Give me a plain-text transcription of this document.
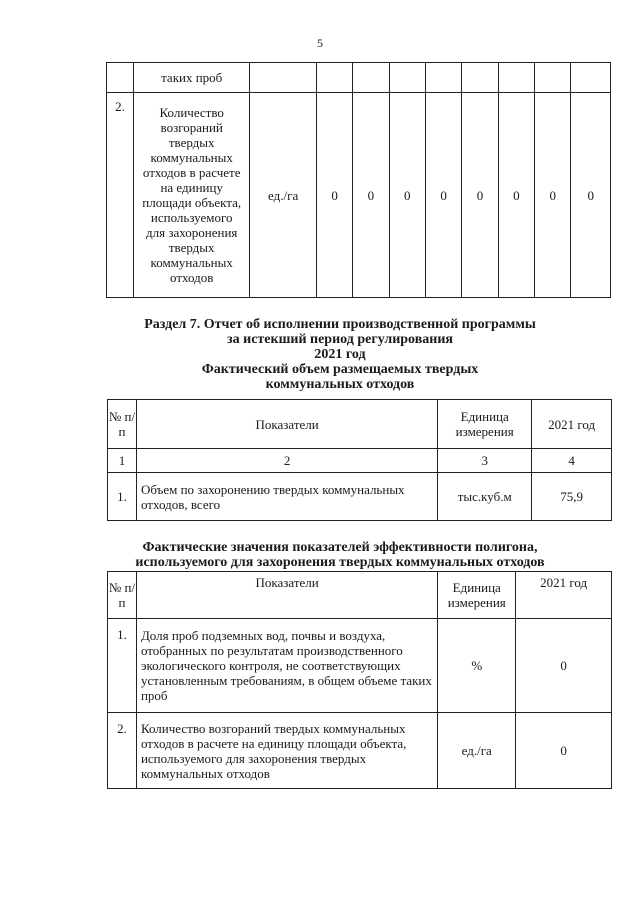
5
	таких проб									
2.	Количество возгораний твердых коммунальных отходов в расчете на единицу площади объекта, используемого для захоронения твердых коммунальных отходов	ед./га	0	0	0	0	0	0	0	0
Раздел 7. Отчет об исполнении производственной программы
за истекший период регулирования
2021 год
Фактический объем размещаемых твердых
коммунальных отходов
№ п/п	Показатели	Единица измерения	2021 год
1	2	3	4
1.	Объем по захоронению твердых коммунальных отходов, всего	тыс.куб.м	75,9
Фактические значения показателей эффективности полигона,
используемого для захоронения твердых коммунальных отходов
№ п/п	Показатели	Единица измерения	2021 год
1.	Доля проб подземных вод, почвы и воздуха, отобранных по результатам производственного экологического контроля, не соответствующих установленным требованиям, в общем объеме таких проб	%	0
2.	Количество возгораний твердых коммунальных отходов в расчете на единицу площади объекта, используемого для захоронения твердых коммунальных отходов	ед./га	0
